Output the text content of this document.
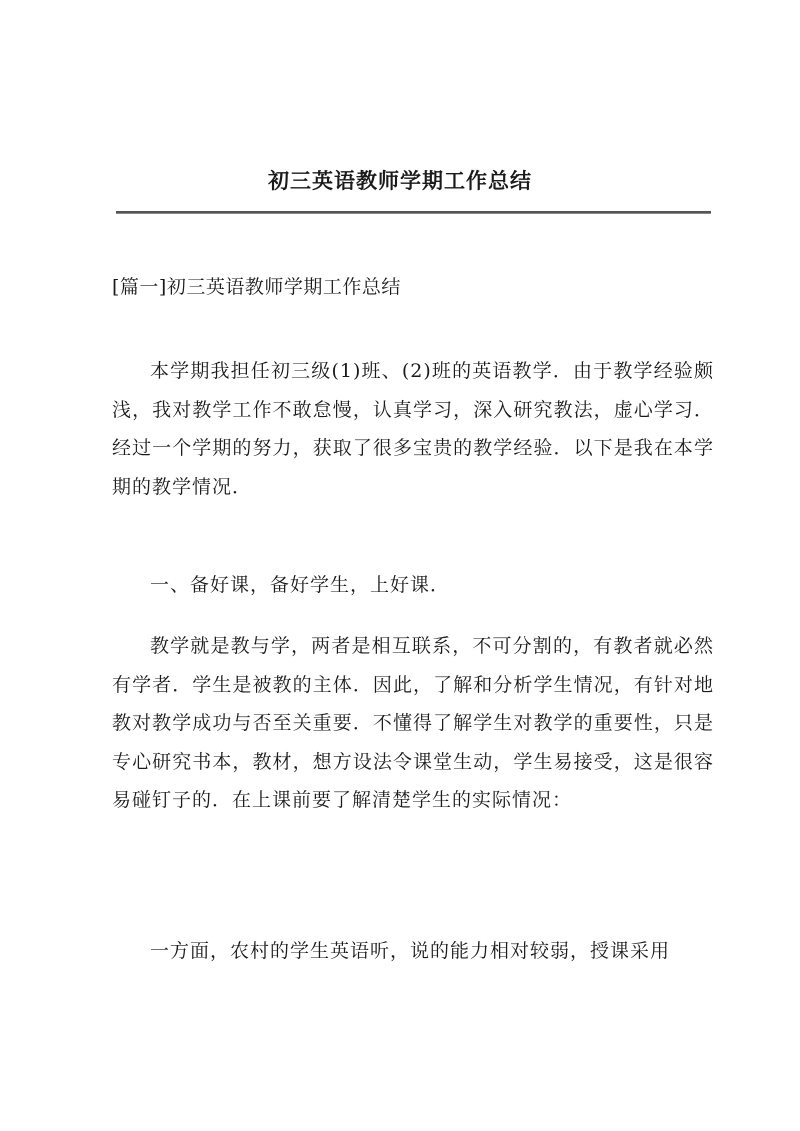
初三英语教师学期工作总结

[篇一]初三英语教师学期工作总结

本学期我担任初三级(1)班、(2)班的英语教学．由于教学经验颇浅，我对教学工作不敢怠慢，认真学习，深入研究教法，虚心学习．经过一个学期的努力，获取了很多宝贵的教学经验．以下是我在本学期的教学情况．

一、备好课，备好学生，上好课．

教学就是教与学，两者是相互联系，不可分割的，有教者就必然有学者．学生是被教的主体．因此，了解和分析学生情况，有针对地教对教学成功与否至关重要．不懂得了解学生对教学的重要性，只是专心研究书本，教材，想方设法令课堂生动，学生易接受，这是很容易碰钉子的．在上课前要了解清楚学生的实际情况：

一方面，农村的学生英语听，说的能力相对较弱，授课采用
